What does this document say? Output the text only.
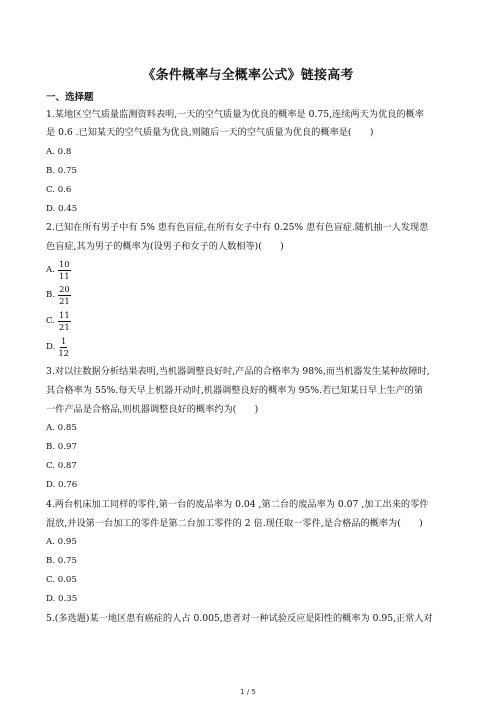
《条件概率与全概率公式》链接高考
一、选择题
1.某地区空气质量监测资料表明,一天的空气质量为优良的概率是 0.75,连续两天为优良的概率
是 0.6 .已知某天的空气质量为优良,则随后一天的空气质量为优良的概率是(　　)
A. 0.8
B. 0.75
C. 0.6
D. 0.45
2.已知在所有男子中有 5% 患有色盲症,在所有女子中有 0.25% 患有色盲症.随机抽一人发现患
色盲症,其为男子的概率为(设男子和女子的人数相等)(　　)
A. $\frac{10}{11}$
B. $\frac{20}{21}$
C. $\frac{11}{21}$
D. $\frac{1}{12}$
3.对以往数据分析结果表明,当机器调整良好时,产品的合格率为 98%,而当机器发生某种故障时,
其合格率为 55%.每天早上机器开动时,机器调整良好的概率为 95%.若已知某日早上生产的第
一件产品是合格品,则机器调整良好的概率约为(　　)
A. 0.85
B. 0.97
C. 0.87
D. 0.76
4.两台机床加工同样的零件,第一台的废品率为 0.04 ,第二台的废品率为 0.07 ,加工出来的零件
混放,并设第一台加工的零件是第二台加工零件的 2 倍.现任取一零件,是合格品的概率为(　　)
A. 0.95
B. 0.75
C. 0.05
D. 0.35
5.(多选题)某一地区患有癌症的人占 0.005,患者对一种试验反应是阳性的概率为 0.95,正常人对
1 / 5
